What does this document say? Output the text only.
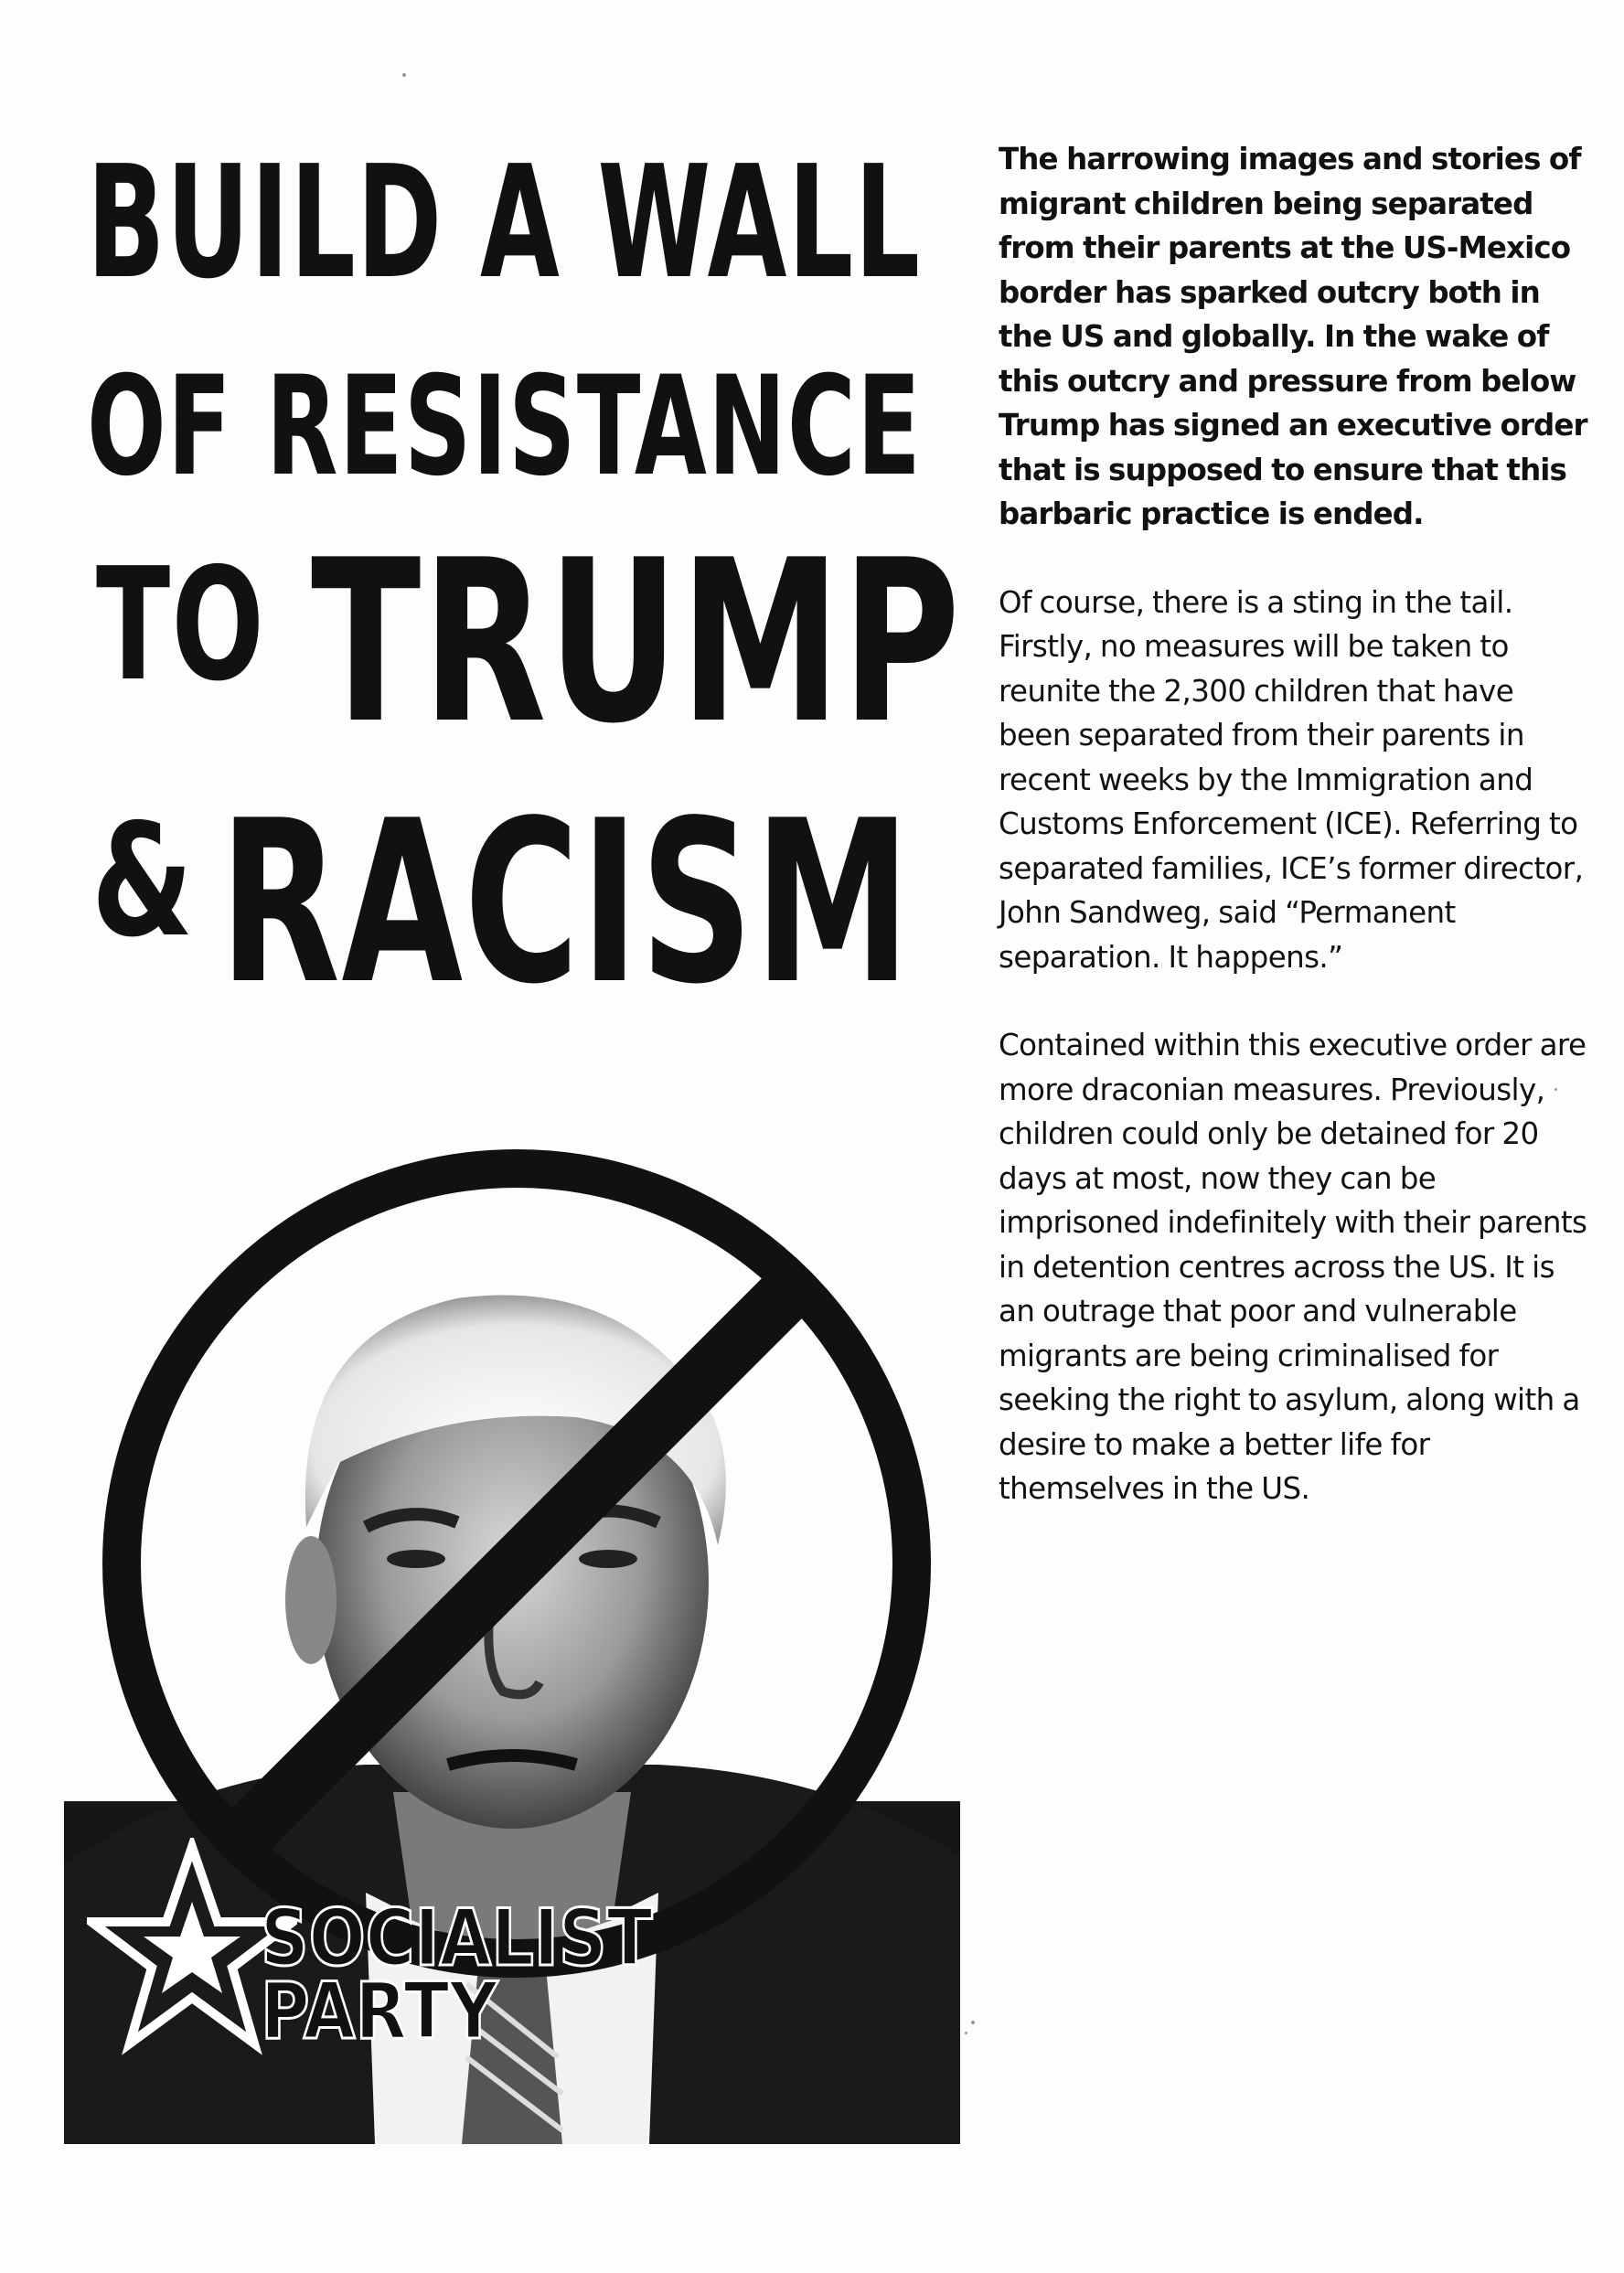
BUILD A WALL
OF RESISTANCE
TO TRUMP
& RACISM
SOCIALIST
PARTY

The harrowing images and stories of migrant children being separated from their parents at the US-Mexico border has sparked outcry both in the US and globally. In the wake of this outcry and pressure from below Trump has signed an executive order that is supposed to ensure that this barbaric practice is ended.

Of course, there is a sting in the tail. Firstly, no measures will be taken to reunite the 2,300 children that have been separated from their parents in recent weeks by the Immigration and Customs Enforcement (ICE). Referring to separated families, ICE’s former director, John Sandweg, said “Permanent separation. It happens.”

Contained within this executive order are more draconian measures. Previously, children could only be detained for 20 days at most, now they can be imprisoned indefinitely with their parents in detention centres across the US. It is an outrage that poor and vulnerable migrants are being criminalised for seeking the right to asylum, along with a desire to make a better life for themselves in the US.
